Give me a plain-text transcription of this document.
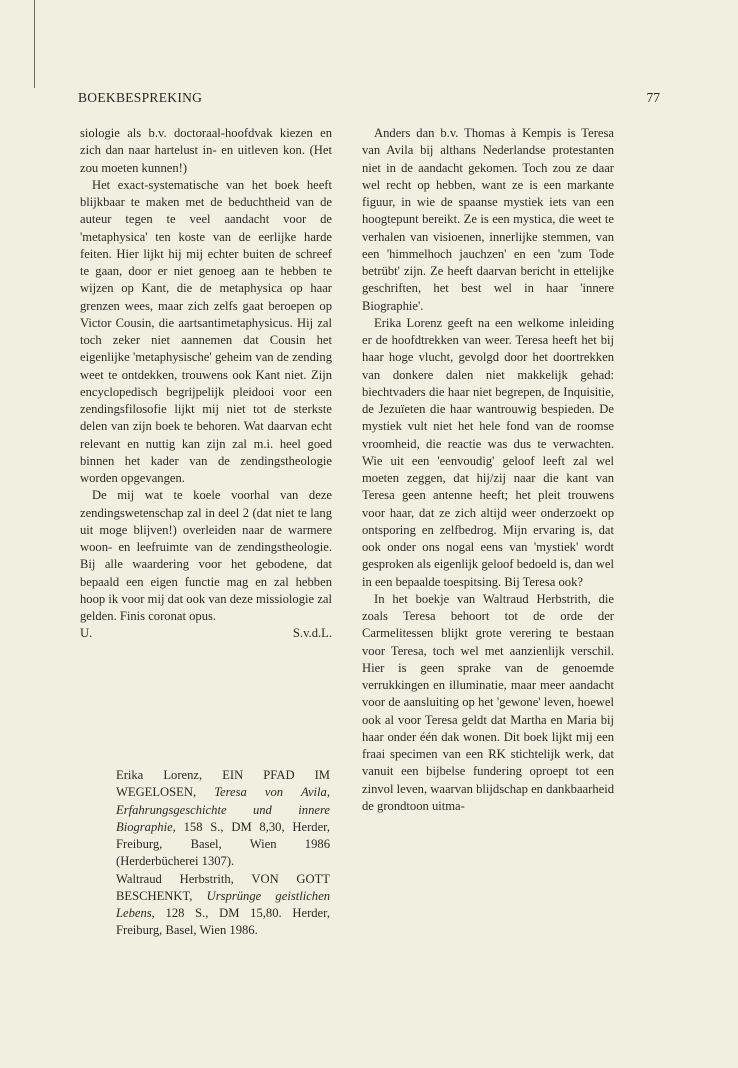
BOEKBESPREKING	77

siologie als b.v. doctoraal-hoofdvak kiezen en zich dan naar hartelust in- en uitleven kon. (Het zou moeten kunnen!)

Het exact-systematische van het boek heeft blijkbaar te maken met de beduchtheid van de auteur tegen te veel aandacht voor de 'metaphysica' ten koste van de eerlijke harde feiten. Hier lijkt hij mij echter buiten de schreef te gaan, door er niet genoeg aan te hebben te wijzen op Kant, die de metaphysica op haar grenzen wees, maar zich zelfs gaat beroepen op Victor Cousin, die aartsantimetaphysicus. Hij zal toch zeker niet aannemen dat Cousin het eigenlijke 'metaphysische' geheim van de zending weet te ontdekken, trouwens ook Kant niet. Zijn encyclopedisch begrijpelijk pleidooi voor een zendingsfilosofie lijkt mij niet tot de sterkste delen van zijn boek te behoren. Wat daarvan echt relevant en nuttig kan zijn zal m.i. heel goed binnen het kader van de zendingstheologie worden opgevangen.

De mij wat te koele voorhal van deze zendingswetenschap zal in deel 2 (dat niet te lang uit moge blijven!) overleiden naar de warmere woon- en leefruimte van de zendingstheologie. Bij alle waardering voor het gebodene, dat bepaald een eigen functie mag en zal hebben hoop ik voor mij dat ook van deze missiologie zal gelden. Finis coronat opus.

U.	S.v.d.L.

Erika Lorenz, EIN PFAD IM WEGELOSEN, Teresa von Avila, Erfahrungsgeschichte und innere Biographie, 158 S., DM 8,30, Herder, Freiburg, Basel, Wien 1986 (Herderbücherei 1307).

Waltraud Herbstrith, VON GOTT BESCHENKT, Ursprünge geistlichen Lebens, 128 S., DM 15,80. Herder, Freiburg, Basel, Wien 1986.

Anders dan b.v. Thomas à Kempis is Teresa van Avila bij althans Nederlandse protestanten niet in de aandacht gekomen. Toch zou ze daar wel recht op hebben, want ze is een markante figuur, in wie de spaanse mystiek iets van een hoogtepunt bereikt. Ze is een mystica, die weet te verhalen van visioenen, innerlijke stemmen, van een 'himmelhoch jauchzen' en een 'zum Tode betrübt' zijn. Ze heeft daarvan bericht in ettelijke geschriften, het best wel in haar 'innere Biographie'.

Erika Lorenz geeft na een welkome inleiding er de hoofdtrekken van weer. Teresa heeft het bij haar hoge vlucht, gevolgd door het doortrekken van donkere dalen niet makkelijk gehad: biechtvaders die haar niet begrepen, de Inquisitie, de Jezuïeten die haar wantrouwig bespieden. De mystiek vult niet het hele fond van de roomse vroomheid, die reactie was dus te verwachten. Wie uit een 'eenvoudig' geloof leeft zal wel moeten zeggen, dat hij/zij naar die kant van Teresa geen antenne heeft; het pleit trouwens voor haar, dat ze zich altijd weer onderzoekt op ontsporing en zelfbedrog. Mijn ervaring is, dat ook onder ons nogal eens van 'mystiek' wordt gesproken als eigenlijk geloof bedoeld is, dan wel in een bepaalde toespitsing. Bij Teresa ook?

In het boekje van Waltraud Herbstrith, die zoals Teresa behoort tot de orde der Carmelitessen blijkt grote verering te bestaan voor Teresa, toch wel met aanzienlijk verschil. Hier is geen sprake van de genoemde verrukkingen en illuminatie, maar meer aandacht voor de aansluiting op het 'gewone' leven, hoewel ook al voor Teresa geldt dat Martha en Maria bij haar onder één dak wonen. Dit boek lijkt mij een fraai specimen van een RK stichtelijk werk, dat vanuit een bijbelse fundering oproept tot een zinvol leven, waarvan blijdschap en dankbaarheid de grondtoon uitma-
